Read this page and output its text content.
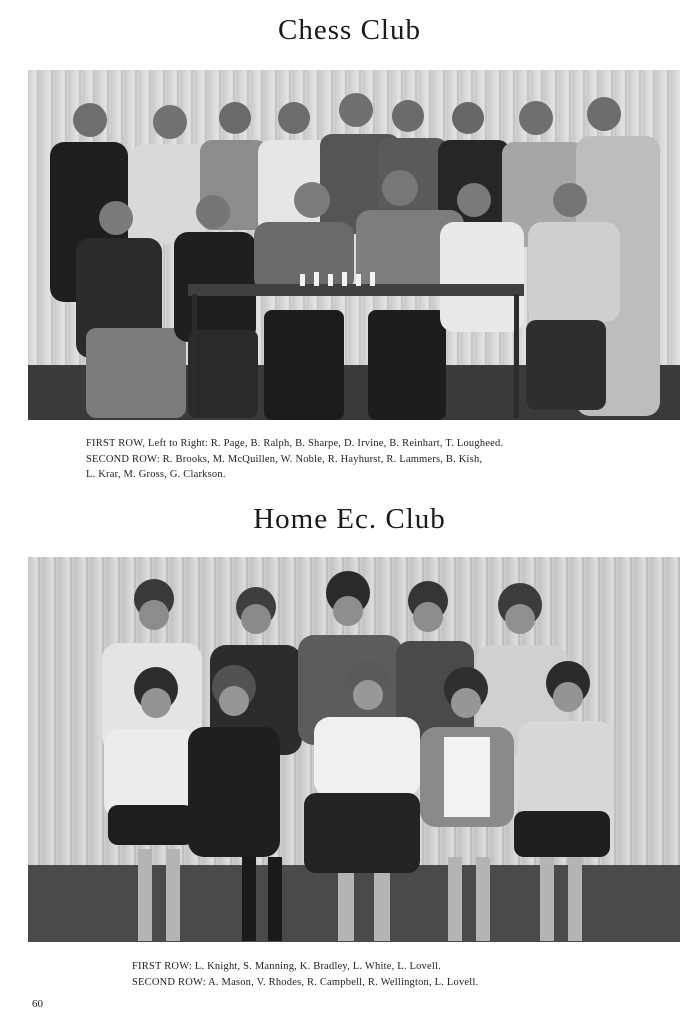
Chess Club
FIRST ROW, Left to Right: R. Page, B. Ralph, B. Sharpe, D. Irvine, B. Reinhart, T. Lougheed.
SECOND ROW: R. Brooks, M. McQuillen, W. Noble, R. Hayhurst, R. Lammers, B. Kish,
L. Krar, M. Gross, G. Clarkson.
Home Ec. Club
FIRST ROW: L. Knight, S. Manning, K. Bradley, L. White, L. Lovell.
SECOND ROW: A. Mason, V. Rhodes, R. Campbell, R. Wellington, L. Lovell.
60
